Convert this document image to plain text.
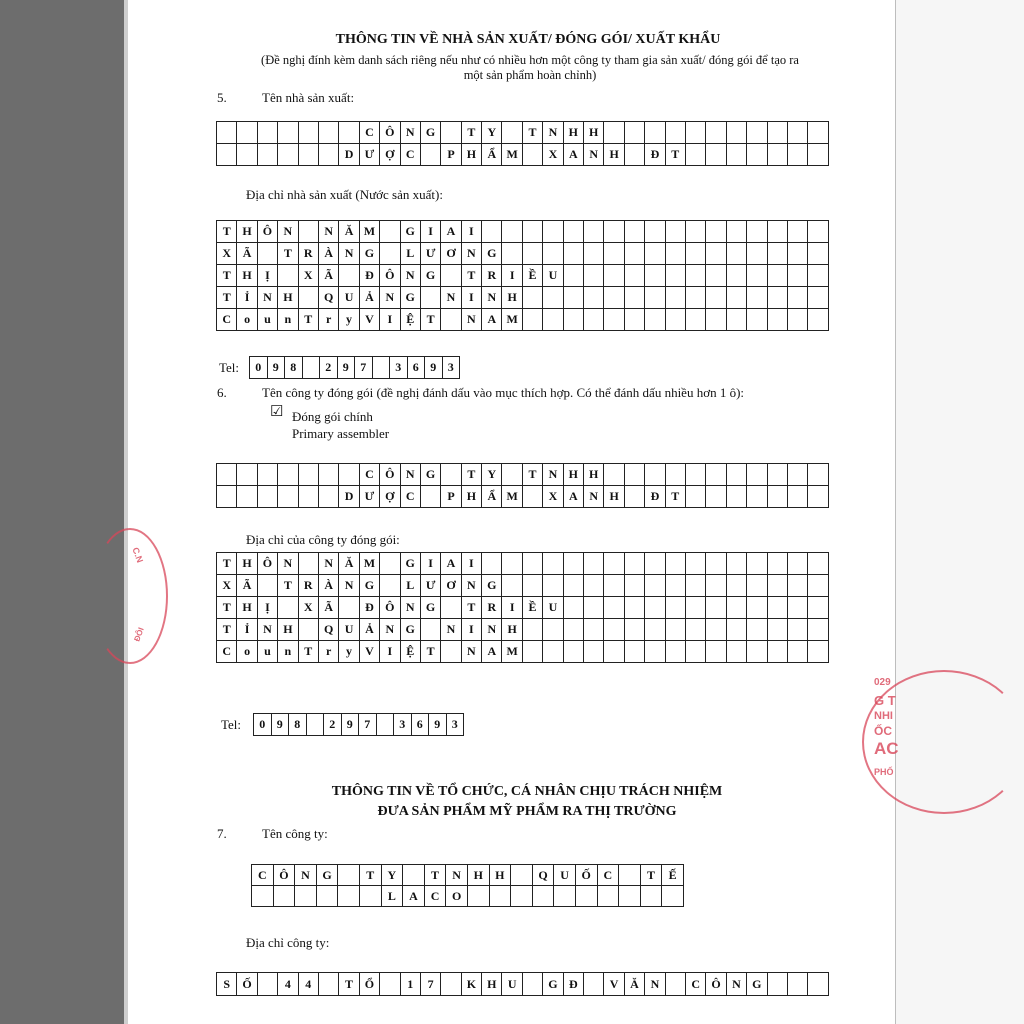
THÔNG TIN VỀ NHÀ SẢN XUẤT/ ĐÓNG GÓI/ XUẤT KHẨU
(Đề nghị đính kèm danh sách riêng nếu như có nhiều hơn một công ty tham gia sản xuất/ đóng gói để tạo ra
một sản phẩm hoàn chỉnh)
5.	Tên nhà sản xuất:
							C	Ô	N	G		T	Y		T	N	H	H											
						D	Ư	Ợ	C		P	H	Ẩ	M		X	A	N	H		Đ	T							
Địa chỉ nhà sản xuất (Nước sản xuất):
T	H	Ô	N		N	Ă	M		G	I	A	I																	
X	Ã		T	R	À	N	G		L	Ư	Ơ	N	G																
T	H	Ị		X	Ã		Đ	Ô	N	G		T	R	I	Ề	U													
T	Ỉ	N	H		Q	U	Ả	N	G		N	I	N	H															
C	o	u	n	T	r	y	V	I	Ệ	T		N	A	M															
Tel: 0	9	8		2	9	7		3	6	9	3
6.	Tên công ty đóng gói (đề nghị đánh dấu vào mục thích hợp. Có thể đánh dấu nhiều hơn 1 ô):
☑ Đóng gói chính
Primary assembler
							C	Ô	N	G		T	Y		T	N	H	H											
						D	Ư	Ợ	C		P	H	Ẩ	M		X	A	N	H		Đ	T							
Địa chỉ của công ty đóng gói:
T	H	Ô	N		N	Ă	M		G	I	A	I																	
X	Ã		T	R	À	N	G		L	Ư	Ơ	N	G																
T	H	Ị		X	Ã		Đ	Ô	N	G		T	R	I	Ề	U													
T	Ỉ	N	H		Q	U	Ả	N	G		N	I	N	H															
C	o	u	n	T	r	y	V	I	Ệ	T		N	A	M															
Tel: 0	9	8		2	9	7		3	6	9	3
THÔNG TIN VỀ TỔ CHỨC, CÁ NHÂN CHỊU TRÁCH NHIỆM
ĐƯA SẢN PHẨM MỸ PHẨM RA THỊ TRƯỜNG
7.	Tên công ty:
C	Ô	N	G		T	Y		T	N	H	H		Q	U	Ố	C		T	Ế
						L	A	C	O										
Địa chỉ công ty:
S	Ố		4	4		T	Ổ		1	7		K	H	U		G	Đ		V	Ă	N		C	Ô	N	G			
C.N
ĐÔI
029
G T
NHI
ỐC
AC
PHỐ
